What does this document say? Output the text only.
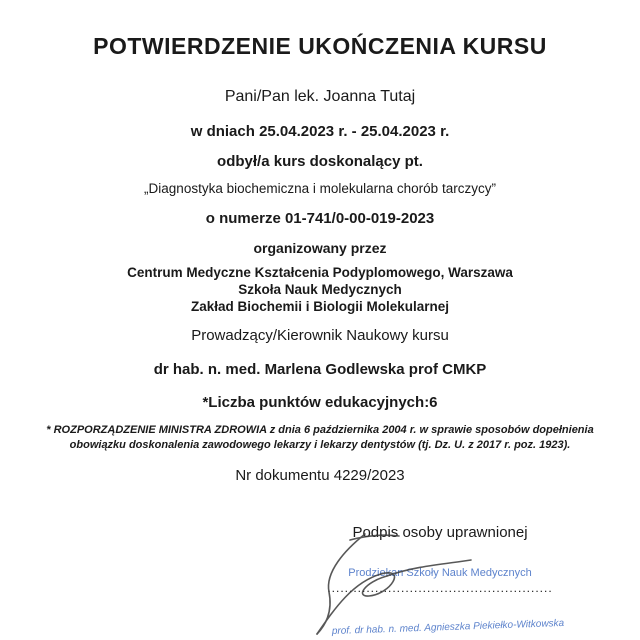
POTWIERDZENIE UKOŃCZENIA KURSU
Pani/Pan lek. Joanna Tutaj
w dniach 25.04.2023 r. - 25.04.2023 r.
odbył/a kurs doskonalący pt.
„Diagnostyka biochemiczna i molekularna chorób tarczycy”
o numerze 01-741/0-00-019-2023
organizowany przez
Centrum Medyczne Kształcenia Podyplomowego, Warszawa
Szkoła Nauk Medycznych
Zakład Biochemii i Biologii Molekularnej
Prowadzący/Kierownik Naukowy kursu
dr hab. n. med. Marlena Godlewska prof CMKP
*Liczba punktów edukacyjnych:6
* ROZPORZĄDZENIE MINISTRA ZDROWIA z dnia 6 października 2004 r. w sprawie sposobów dopełnienia obowiązku doskonalenia zawodowego lekarzy i lekarzy dentystów (tj. Dz. U. z 2017 r. poz. 1923).
Nr dokumentu 4229/2023
Podpis osoby uprawnionej
Prodziekan Szkoły Nauk Medycznych
....................................................
prof. dr hab. n. med. Agnieszka Piekiełko-Witkowska
